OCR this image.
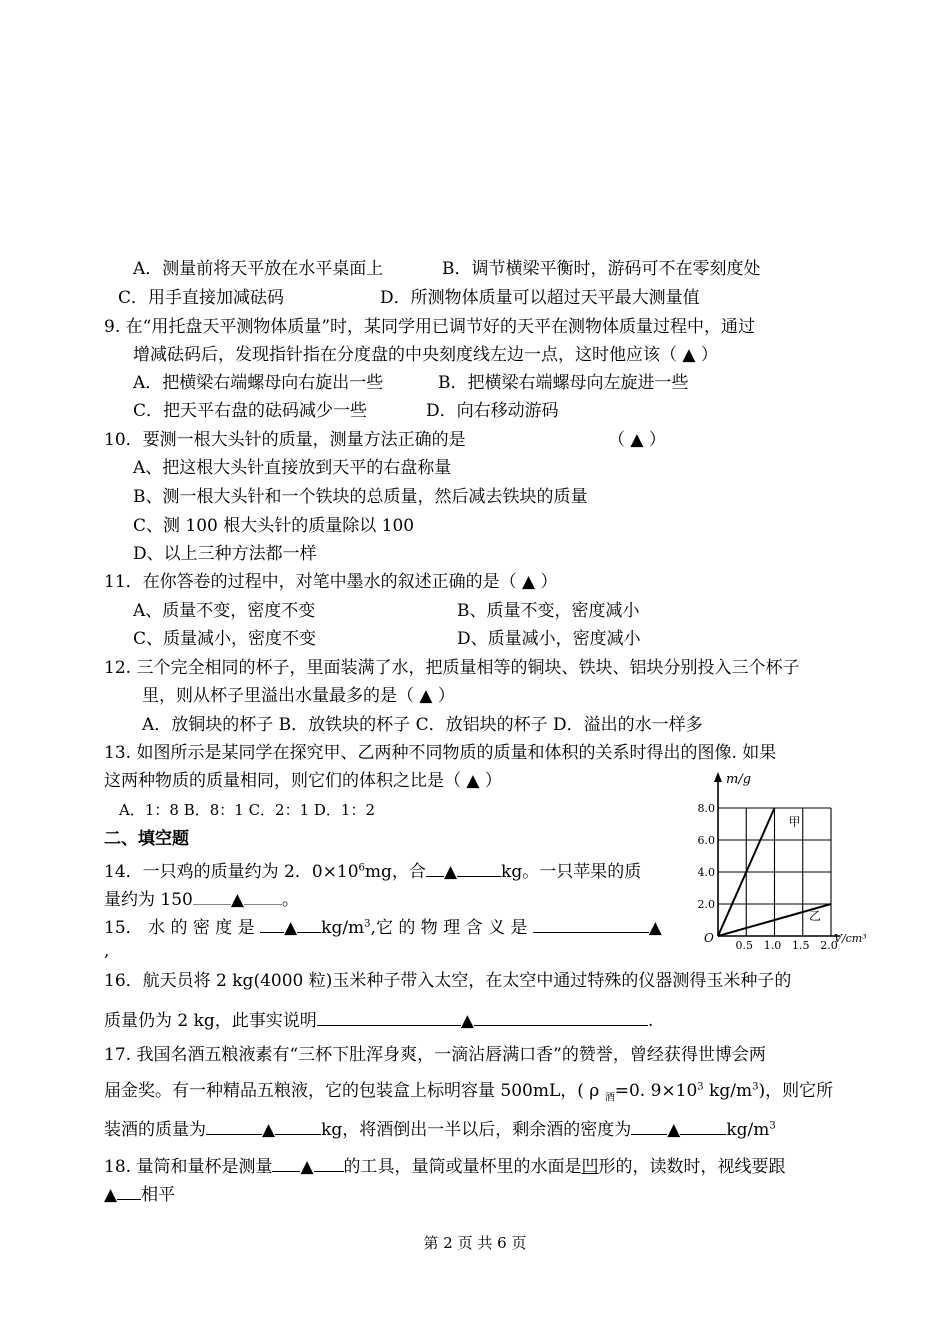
A．测量前将天平放在水平桌面上	B．调节横梁平衡时，游码可不在零刻度处
C．用手直接加减砝码	D．所测物体质量可以超过天平最大测量值
9. 在“用托盘天平测物体质量”时，某同学用已调节好的天平在测物体质量过程中，通过
增减砝码后，发现指针指在分度盘的中央刻度线左边一点，这时他应该（ ▲ ）
A．把横梁右端螺母向右旋出一些	B．把横梁右端螺母向左旋进一些
C．把天平右盘的砝码减少一些	D．向右移动游码
10．要测一根大头针的质量，测量方法正确的是	（ ▲ ）
A、把这根大头针直接放到天平的右盘称量
B、测一根大头针和一个铁块的总质量，然后减去铁块的质量
C、测 100 根大头针的质量除以 100
D、以上三种方法都一样
11．在你答卷的过程中，对笔中墨水的叙述正确的是（ ▲ ）
A、质量不变，密度不变	B、质量不变，密度减小
C、质量减小，密度不变	D、质量减小，密度减小
12. 三个完全相同的杯子，里面装满了水，把质量相等的铜块、铁块、铝块分别投入三个杯子
里，则从杯子里溢出水量最多的是（ ▲ ）
A．放铜块的杯子 B．放铁块的杯子 C．放铝块的杯子 D．溢出的水一样多
13. 如图所示是某同学在探究甲、乙两种不同物质的质量和体积的关系时得出的图像. 如果
这两种物质的质量相同，则它们的体积之比是（ ▲ ）
A．1：8 B．8：1 C．2：1 D．1：2
二、填空题
14．一只鸡的质量约为 2．$0\times 10^6mg$，合 ▲	kg。一只苹果的质
量约为 150 ▲ 。
15． 水 的 密 度 是 ▲ $kg/m^3$,它 的 物 理 含 义 是	▲
,
16．航天员将 2 kg(4000 粒)玉米种子带入太空，在太空中通过特殊的仪器测得玉米种子的
质量仍为 2 kg，此事实说明	▲	.
17. 我国名酒五粮液素有“三杯下肚浑身爽，一滴沾唇满口香”的赞誉，曾经获得世博会两
届金奖。有一种精品五粮液，它的包装盒上标明容量 500mL，( ρ $_酒$=0. $9\times 10^3$ $kg/m^3$)，则它所
装酒的质量为	▲	kg，将酒倒出一半以后，剩余酒的密度为 ▲	$kg/m^3$
18. 量筒和量杯是测量 ▲ 的工具，量筒或量杯里的水面是凹形的，读数时，视线要跟
▲ 相平
2.0
4.0
6.0
8.0
0.5 1.0 1.5 2.0
甲
乙
m/g
V/cm³
O
第 2 页 共 6 页
